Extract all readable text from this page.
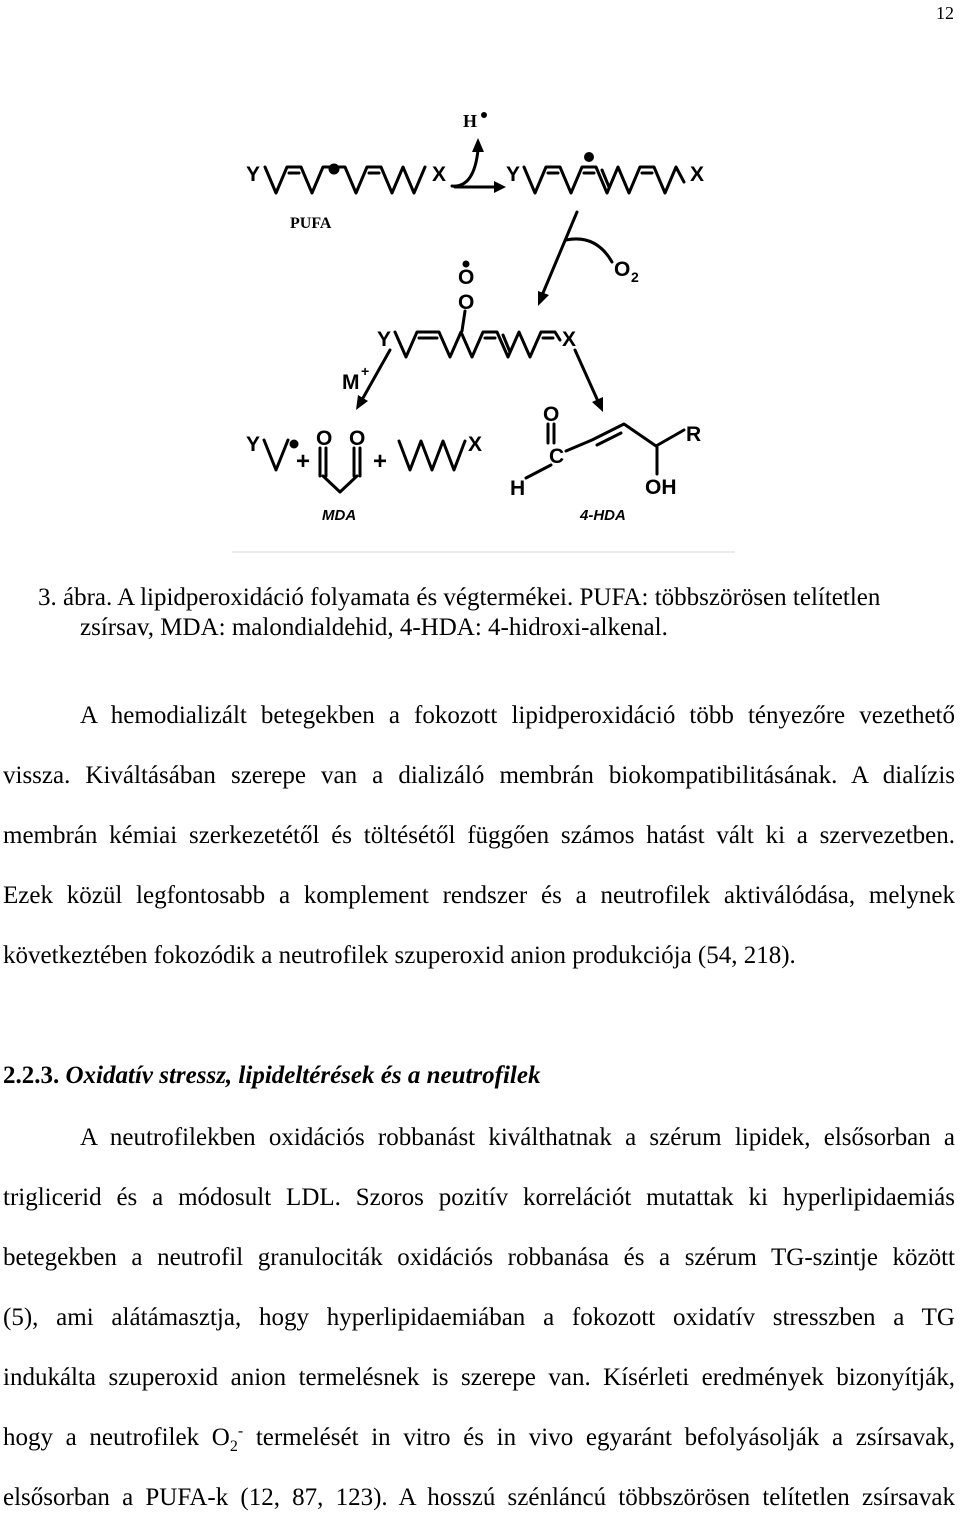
12
H
Y	X
PUFA
Y	X
O 2
O
O
Y	X
M +
Y
+
O O
MDA
+
X
O
C
H
R
OH
4-HDA
3. ábra. A lipidperoxidáció folyamata és végtermékei. PUFA: többszörösen telítetlen
zsírsav, MDA: malondialdehid, 4-HDA: 4-hidroxi-alkenal.
A hemodializált betegekben a fokozott lipidperoxidáció több tényezőre vezethető
vissza. Kiváltásában szerepe van a dializáló membrán biokompatibilitásának. A dialízis
membrán kémiai szerkezetétől és töltésétől függően számos hatást vált ki a szervezetben.
Ezek közül legfontosabb a komplement rendszer és a neutrofilek aktiválódása, melynek
következtében fokozódik a neutrofilek szuperoxid anion produkciója (54, 218).
2.2.3. Oxidatív stressz, lipideltérések és a neutrofilek
A neutrofilekben oxidációs robbanást kiválthatnak a szérum lipidek, elsősorban a
triglicerid és a módosult LDL. Szoros pozitív korrelációt mutattak ki hyperlipidaemiás
betegekben a neutrofil granulociták oxidációs robbanása és a szérum TG-szintje között
(5), ami alátámasztja, hogy hyperlipidaemiában a fokozott oxidatív stresszben a TG
indukálta szuperoxid anion termelésnek is szerepe van. Kísérleti eredmények bizonyítják,
hogy a neutrofilek $O_2^-$ termelését in vitro és in vivo egyaránt befolyásolják a zsírsavak,
elsősorban a PUFA-k (12, 87, 123). A hosszú szénláncú többszörösen telítetlen zsírsavak
